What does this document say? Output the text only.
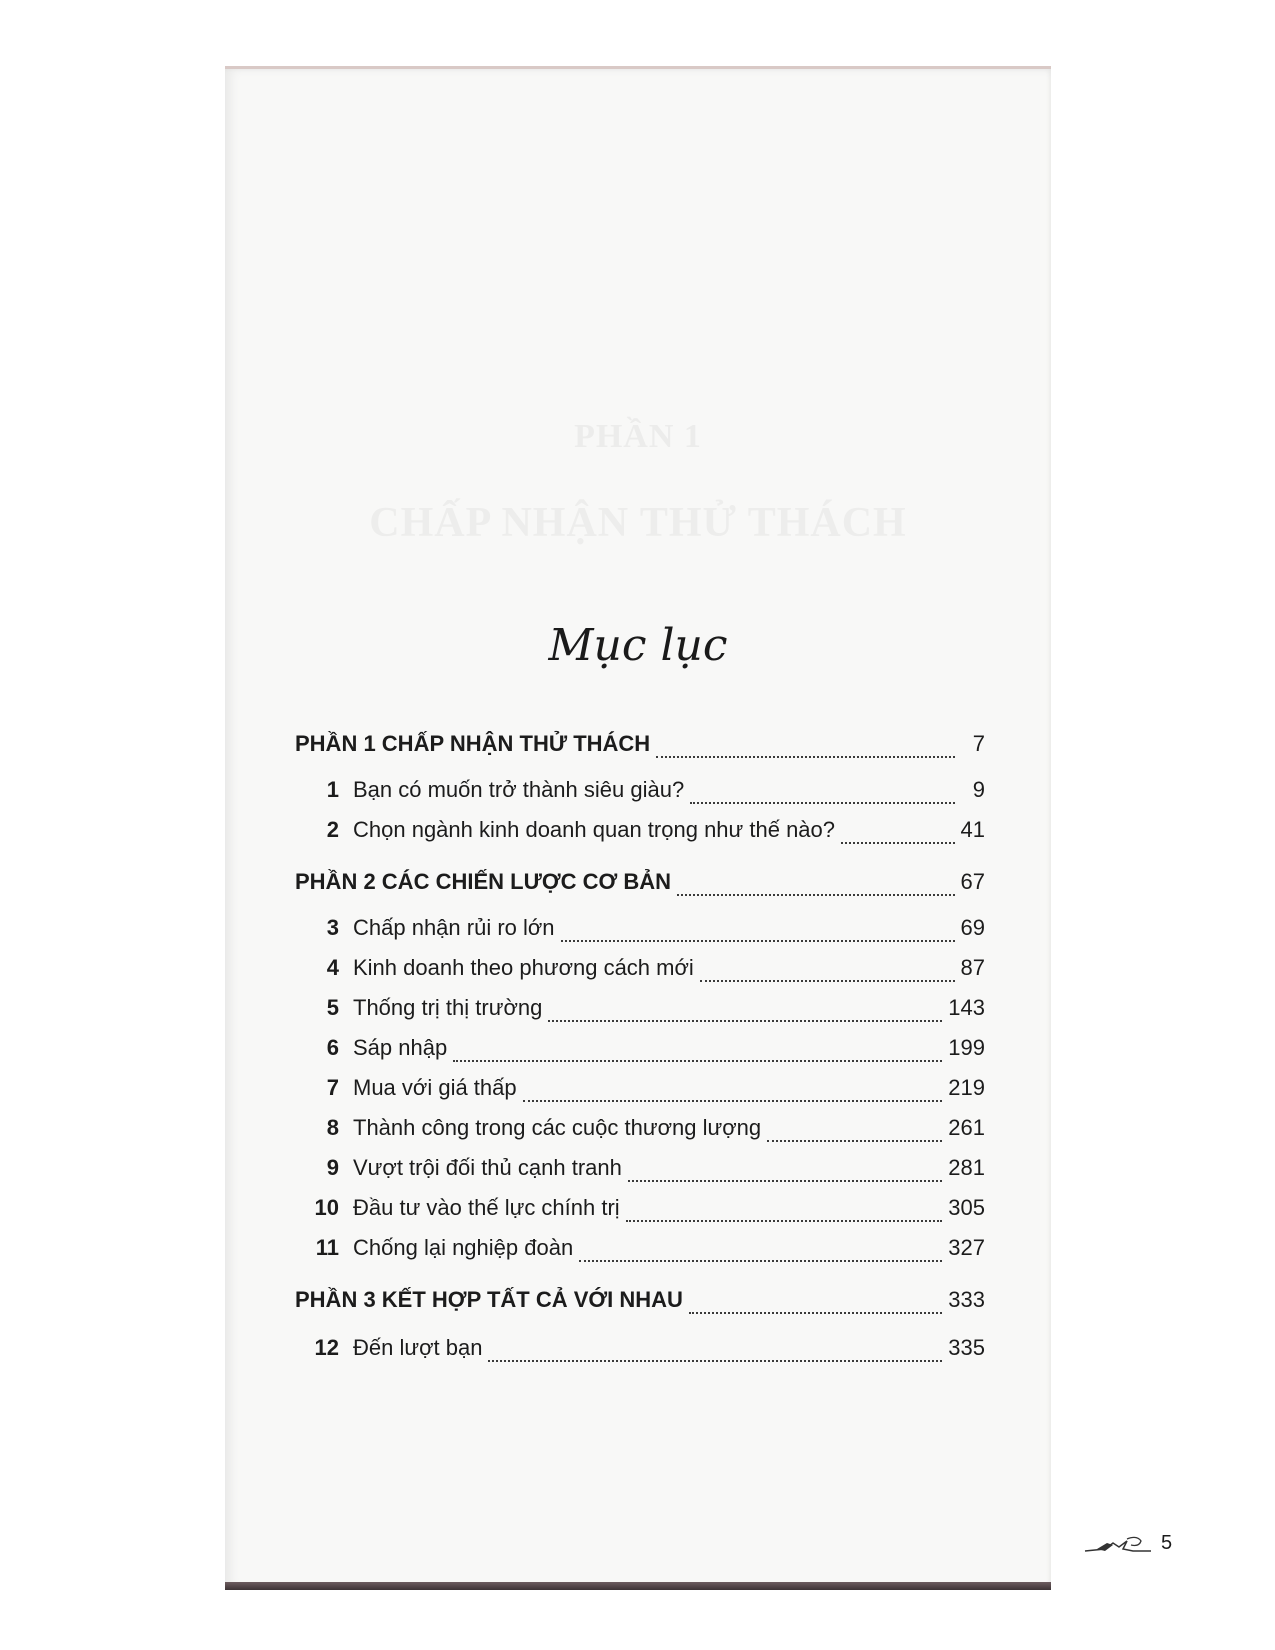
PHẦN 1
CHẤP NHẬN THỬ THÁCH
Mục lục
PHẦN 1 CHẤP NHẬN THỬ THÁCH	7
1 Bạn có muốn trở thành siêu giàu?	9
2 Chọn ngành kinh doanh quan trọng như thế nào?	41
PHẦN 2 CÁC CHIẾN LƯỢC CƠ BẢN	67
3 Chấp nhận rủi ro lớn	69
4 Kinh doanh theo phương cách mới	87
5 Thống trị thị trường	143
6 Sáp nhập	199
7 Mua với giá thấp	219
8 Thành công trong các cuộc thương lượng	261
9 Vượt trội đối thủ cạnh tranh	281
10 Đầu tư vào thế lực chính trị	305
11 Chống lại nghiệp đoàn	327
PHẦN 3 KẾT HỢP TẤT CẢ VỚI NHAU	333
12 Đến lượt bạn	335
5
